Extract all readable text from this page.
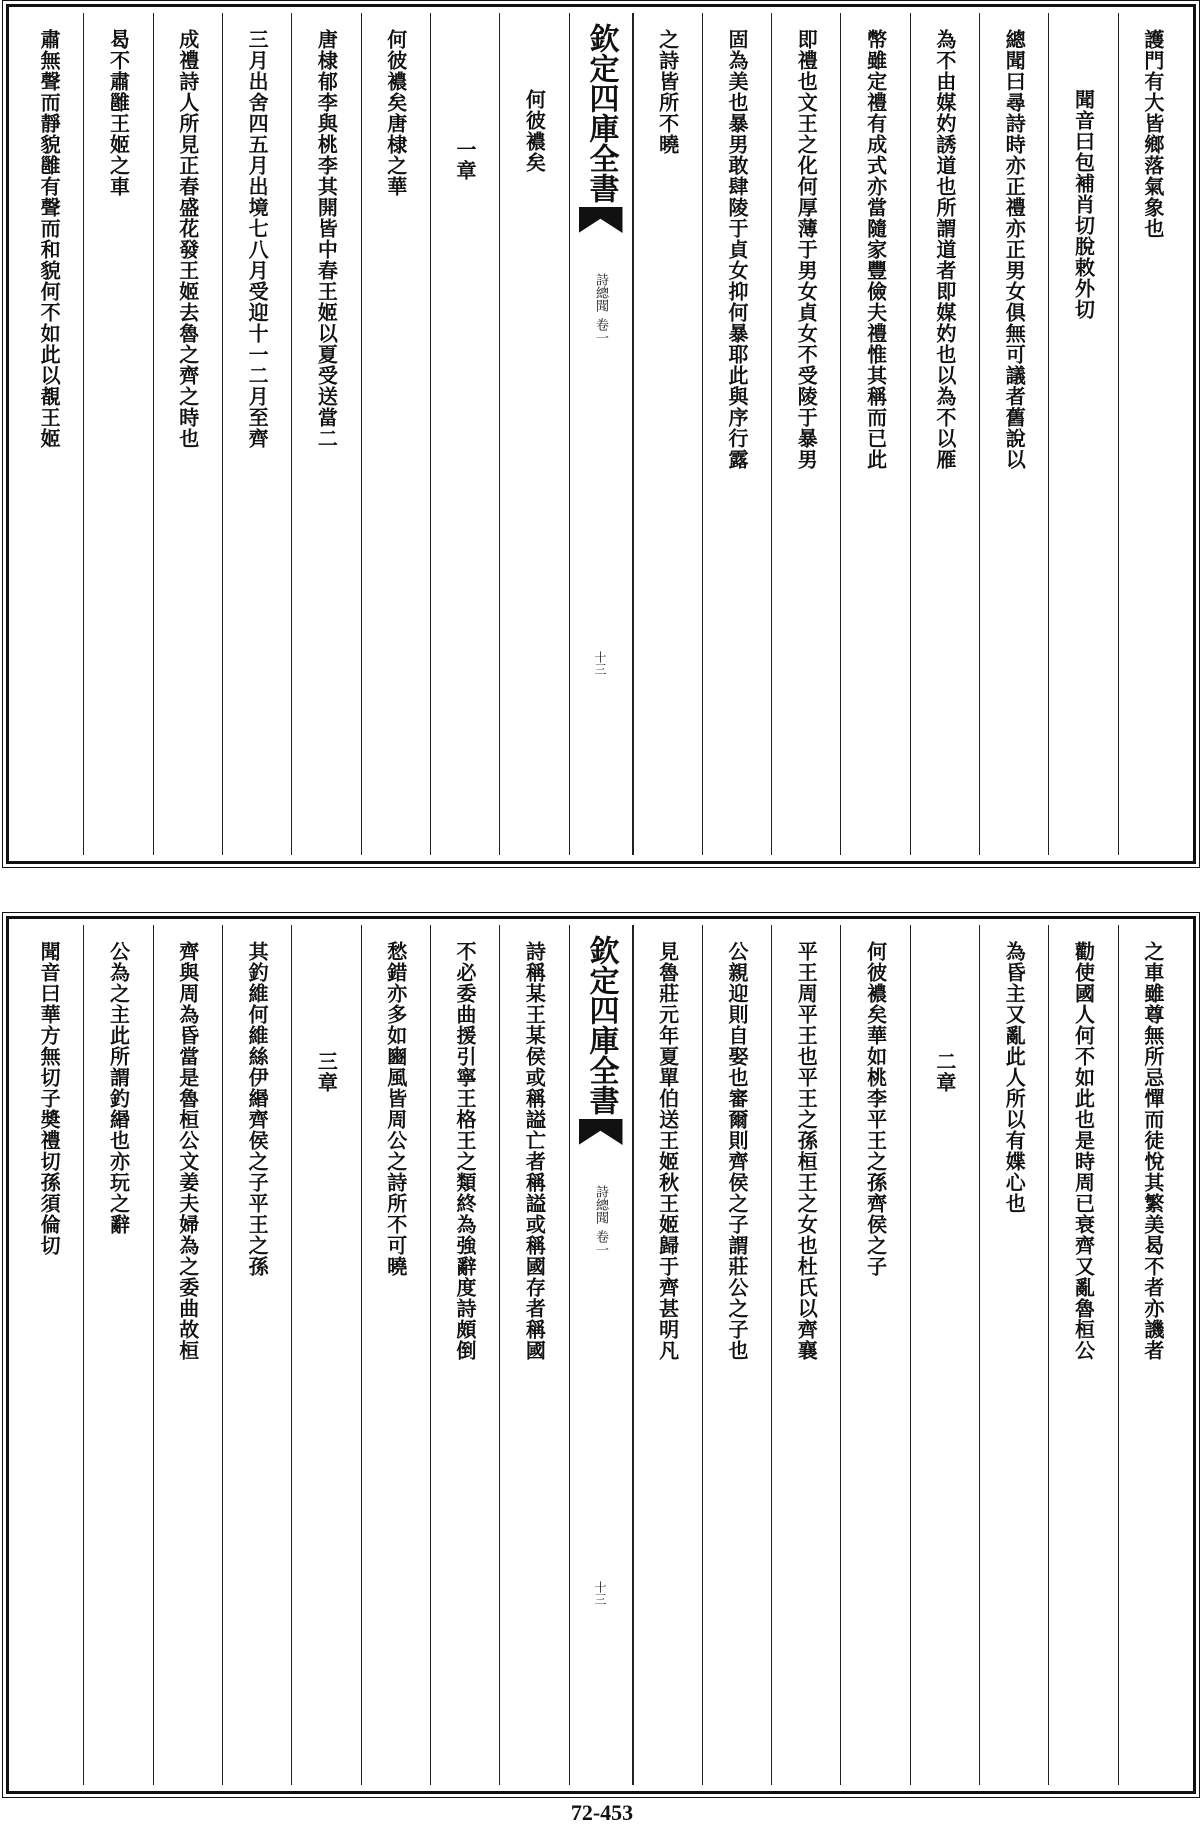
護門有大皆鄉落氣象也
聞音曰包補肖切脫敕外切
總聞曰尋詩時亦正禮亦正男女俱無可議者舊說以
為不由媒妁誘道也所謂道者即媒妁也以為不以雁
幣雖定禮有成式亦當隨家豐儉夫禮惟其稱而已此
即禮也文王之化何厚薄于男女貞女不受陵于暴男
固為美也暴男敢肆陵于貞女抑何暴耶此與序行露
之詩皆所不曉
欽定四庫全書
詩總聞
卷一
十三
何彼襛矣
一章
何彼襛矣唐棣之華
唐棣郁李與桃李其開皆中春王姬以夏受送當二
三月出舍四五月出境七八月受迎十一二月至齊
成禮詩人所見正春盛花發王姬去魯之齊之時也
曷不肅雝王姬之車
肅無聲而靜貌雝有聲而和貌何不如此以覩王姬
之車雖尊無所忌憚而徒悅其繁美曷不者亦譏者
勸使國人何不如此也是時周已衰齊又亂魯桓公
為昏主又亂此人所以有媟心也
二章
何彼襛矣華如桃李平王之孫齊侯之子
平王周平王也平王之孫桓王之女也杜氏以齊襄
公親迎則自娶也審爾則齊侯之子謂莊公之子也
見魯莊元年夏單伯送王姬秋王姬歸于齊甚明凡
欽定四庫全書
詩總聞
卷一
十三
詩稱某王某侯或稱謚亡者稱謚或稱國存者稱國
不必委曲援引寧王格王之類終為強辭度詩頗倒
愁錯亦多如豳風皆周公之詩所不可曉
三章
其釣維何維絲伊緡齊侯之子平王之孫
齊與周為昏當是魯桓公文姜夫婦為之委曲故桓
公為之主此所謂釣緡也亦玩之辭
聞音曰華方無切子奬禮切孫須倫切
72-453
